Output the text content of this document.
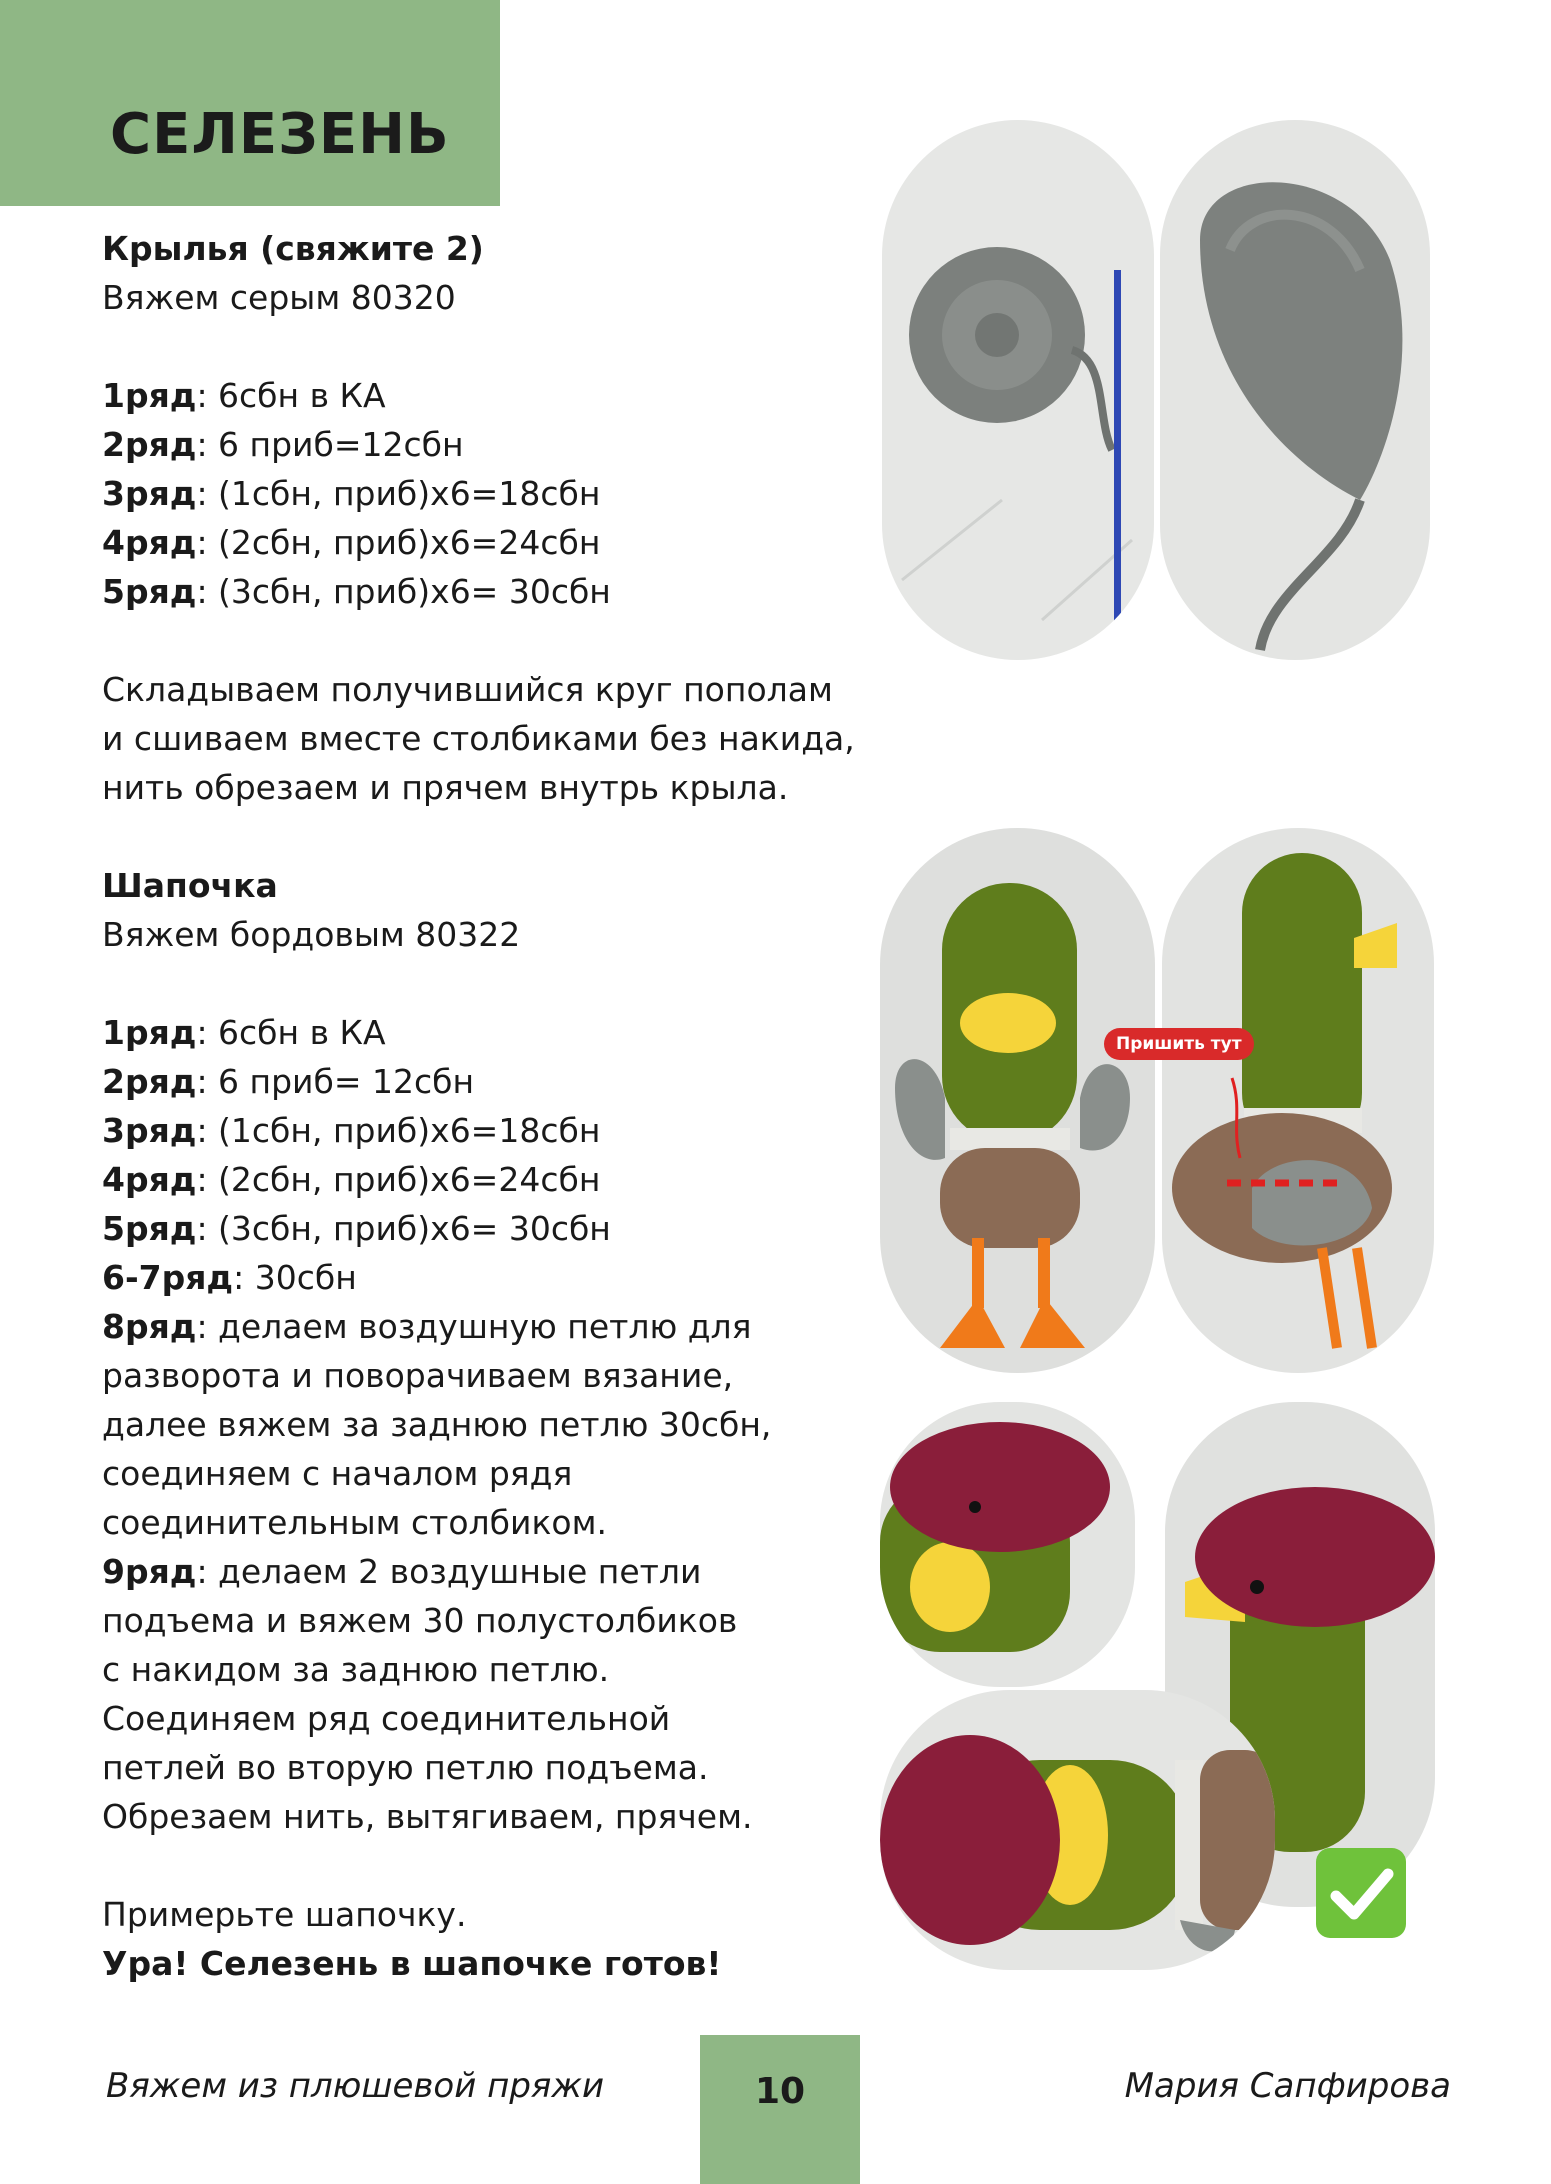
СЕЛЕЗЕНЬ
Крылья (свяжите 2)
Вяжем серым 80320
1ряд: 6сбн в КА
2ряд: 6 приб=12сбн
3ряд: (1сбн, приб)х6=18сбн
4ряд: (2сбн, приб)х6=24сбн
5ряд: (3сбн, приб)х6= 30сбн
Складываем получившийся круг пополам
и сшиваем вместе столбиками без накида,
нить обрезаем и прячем внутрь крыла.
Шапочка
Вяжем бордовым 80322
1ряд: 6сбн в КА
2ряд: 6 приб= 12сбн
3ряд: (1сбн, приб)х6=18сбн
4ряд: (2сбн, приб)х6=24сбн
5ряд: (3сбн, приб)х6= 30сбн
6-7ряд: 30сбн
8ряд: делаем воздушную петлю для
разворота и поворачиваем вязание,
далее вяжем за заднюю петлю 30сбн,
соединяем с началом рядя
соединительным столбиком.
9ряд: делаем 2 воздушные петли
подъема и вяжем 30 полустолбиков
с накидом за заднюю петлю.
Соединяем ряд соединительной
петлей во вторую петлю подъема.
Обрезаем нить, вытягиваем, прячем.
Примерьте шапочку.
Ура! Селезень в шапочке готов!
Пришить тут
Вяжем из плюшевой пряжи	10	Мария Сапфирова
